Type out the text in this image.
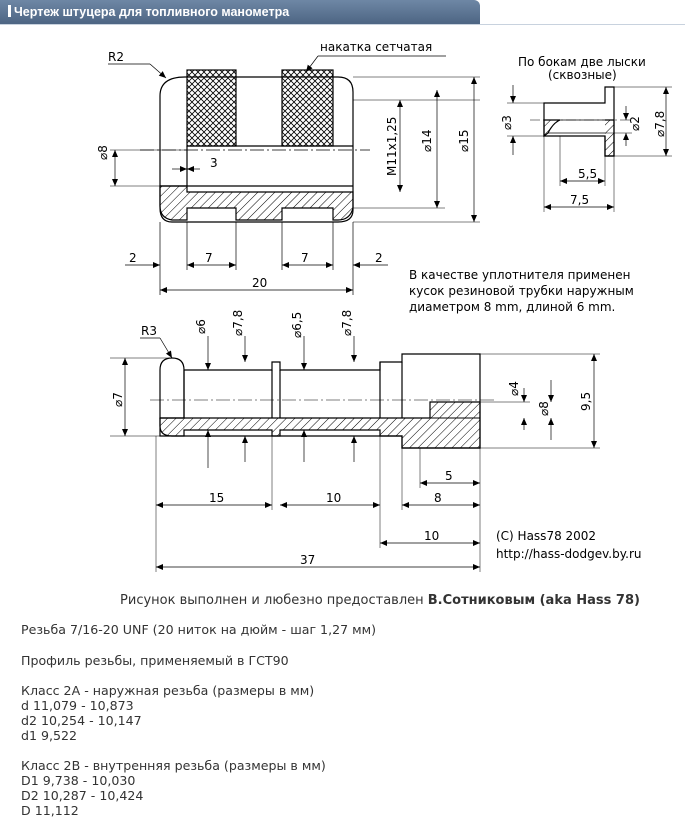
Чертеж штуцера для топливного манометра
накатка сетчатая
R2
⌀8
3	M11x1,25 ⌀14 ⌀15
2	7	7	2
20
По бокам две лыски
(сквозные)
⌀3	⌀2 ⌀7,8
5,5
7,5
В качестве уплотнителя применен
кусок резиновой трубки наружным
диаметром 8 mm, длиной 6 mm.
R3	⌀6 ⌀7,8	⌀6,5	⌀7,8
⌀7
⌀4
⌀8 9,5
15	10
5
8
10
37
(C) Hass78 2002
http://hass-dodgev.by.ru
Рисунок выполнен и любезно предоставлен В.Сотниковым (aka Hass 78)
Резьба 7/16-20 UNF (20 ниток на дюйм - шаг 1,27 мм)
Профиль резьбы, применяемый в ГСТ90
Класс 2А - наружная резьба (размеры в мм)
d 11,079 - 10,873
d2 10,254 - 10,147
d1 9,522
Класс 2В - внутренняя резьба (размеры в мм)
D1 9,738 - 10,030
D2 10,287 - 10,424
D 11,112
